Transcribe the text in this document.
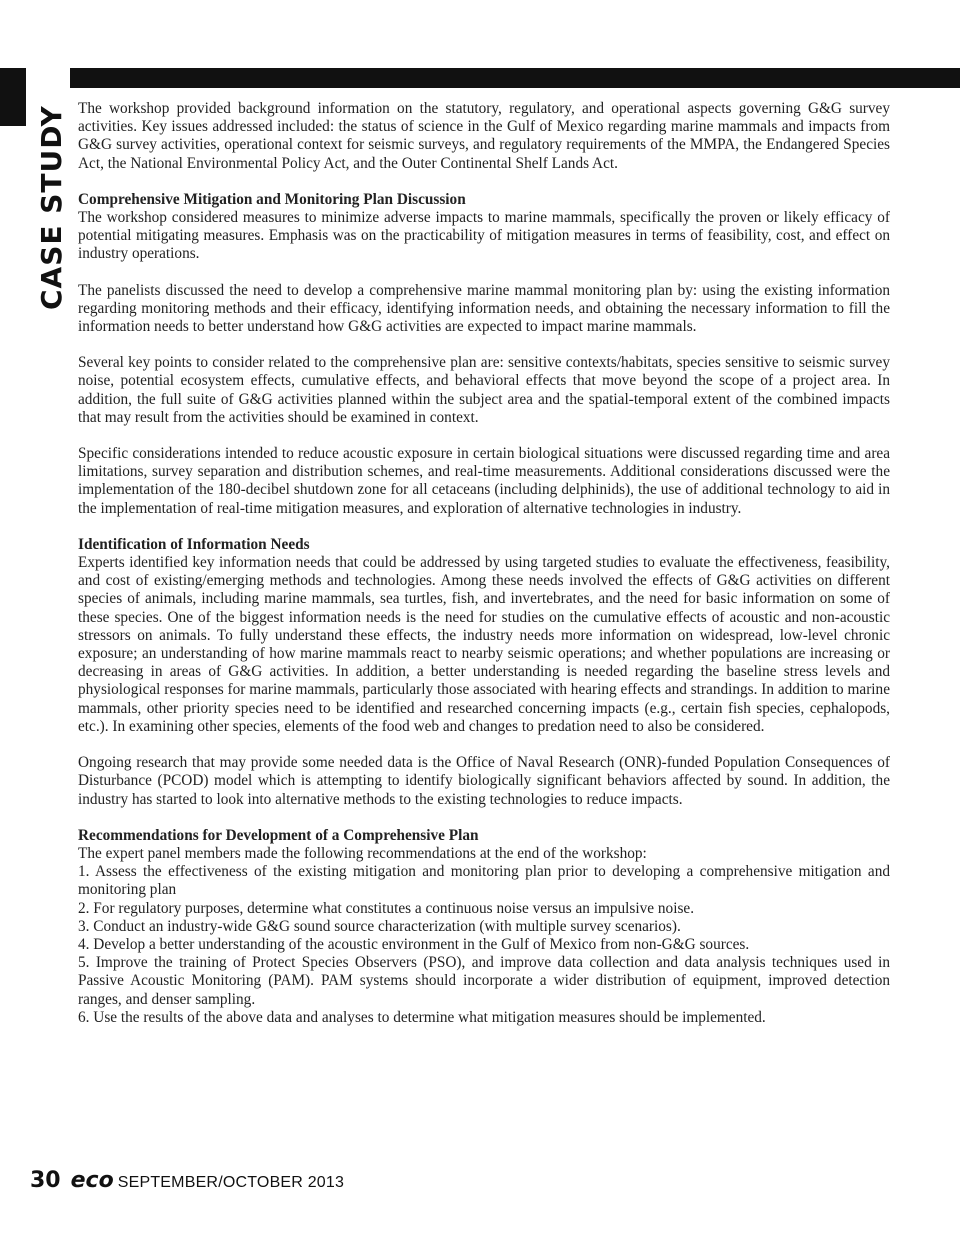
CASE STUDY The workshop provided background information on the statutory, regulatory, and operational aspects governing G&G survey activities. Key issues addressed included: the status of science in the Gulf of Mexico regarding marine mammals and impacts from G&G survey activities, operational context for seismic surveys, and regulatory requirements of the MMPA, the Endangered Species Act, the National Environmental Policy Act, and the Outer Continental Shelf Lands Act.

Comprehensive Mitigation and Monitoring Plan Discussion

The workshop considered measures to minimize adverse impacts to marine mammals, specifically the proven or likely efficacy of potential mitigating measures. Emphasis was on the practicability of mitigation measures in terms of feasibility, cost, and effect on industry operations.

The panelists discussed the need to develop a comprehensive marine mammal monitoring plan by: using the existing information regarding monitoring methods and their efficacy, identifying information needs, and obtaining the necessary information to fill the information needs to better understand how G&G activities are expected to impact marine mammals.

Several key points to consider related to the comprehensive plan are: sensitive contexts/habitats, species sensitive to seismic survey noise, potential ecosystem effects, cumulative effects, and behavioral effects that move beyond the scope of a project area. In addition, the full suite of G&G activities planned within the subject area and the spatial-temporal extent of the combined impacts that may result from the activities should be examined in context.

Specific considerations intended to reduce acoustic exposure in certain biological situations were discussed regarding time and area limitations, survey separation and distribution schemes, and real-time measurements. Additional considerations discussed were the implementation of the 180-decibel shutdown zone for all cetaceans (including delphinids), the use of additional technology to aid in the implementation of real-time mitigation measures, and exploration of alternative technologies in industry.

Identification of Information Needs

Experts identified key information needs that could be addressed by using targeted studies to evaluate the effectiveness, feasibility, and cost of existing/emerging methods and technologies. Among these needs involved the effects of G&G activities on different species of animals, including marine mammals, sea turtles, fish, and invertebrates, and the need for basic information on some of these species. One of the biggest information needs is the need for studies on the cumulative effects of acoustic and non-acoustic stressors on animals. To fully understand these effects, the industry needs more information on widespread, low-level chronic exposure; an understanding of how marine mammals react to nearby seismic operations; and whether populations are increasing or decreasing in areas of G&G activities. In addition, a better understanding is needed regarding the baseline stress levels and physiological responses for marine mammals, particularly those associated with hearing effects and strandings. In addition to marine mammals, other priority species need to be identified and researched concerning impacts (e.g., certain fish species, cephalopods, etc.). In examining other species, elements of the food web and changes to predation need to also be considered.

Ongoing research that may provide some needed data is the Office of Naval Research (ONR)-funded Population Consequences of Disturbance (PCOD) model which is attempting to identify biologically significant behaviors affected by sound. In addition, the industry has started to look into alternative methods to the existing technologies to reduce impacts.

Recommendations for Development of a Comprehensive Plan

The expert panel members made the following recommendations at the end of the workshop:

1. Assess the effectiveness of the existing mitigation and monitoring plan prior to developing a comprehensive mitigation and monitoring plan
2. For regulatory purposes, determine what constitutes a continuous noise versus an impulsive noise.
3. Conduct an industry-wide G&G sound source characterization (with multiple survey scenarios).
4. Develop a better understanding of the acoustic environment in the Gulf of Mexico from non-G&G sources.
5. Improve the training of Protect Species Observers (PSO), and improve data collection and data analysis techniques used in Passive Acoustic Monitoring (PAM). PAM systems should incorporate a wider distribution of equipment, improved detection ranges, and denser sampling.
6. Use the results of the above data and analyses to determine what mitigation measures should be implemented.
30 eco SEPTEMBER/OCTOBER 2013
